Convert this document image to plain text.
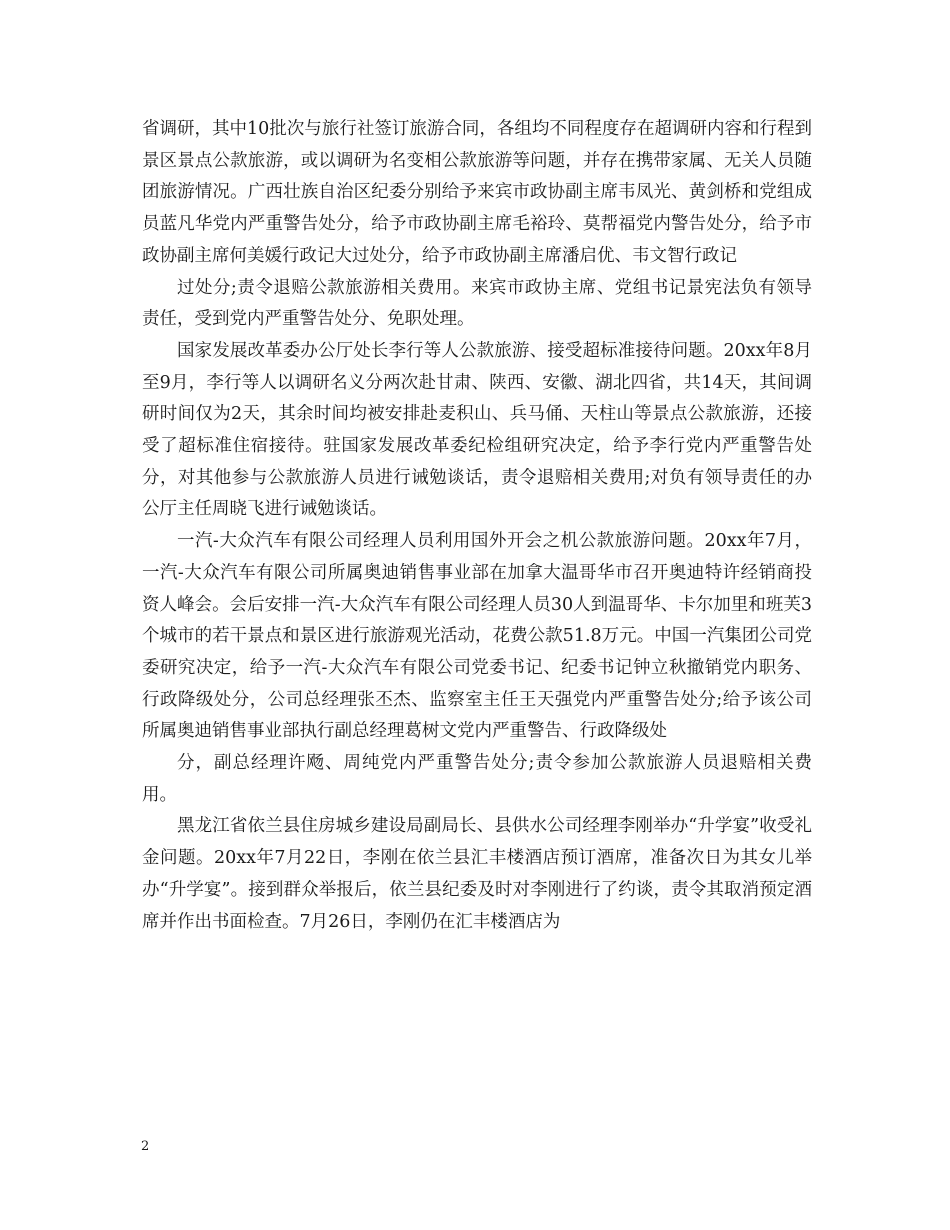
省调研，其中10批次与旅行社签订旅游合同，各组均不同程度存在超调研内容和行程到景区景点公款旅游，或以调研为名变相公款旅游等问题，并存在携带家属、无关人员随团旅游情况。广西壮族自治区纪委分别给予来宾市政协副主席韦凤光、黄剑桥和党组成员蓝凡华党内严重警告处分，给予市政协副主席毛裕玲、莫帮福党内警告处分，给予市政协副主席何美媛行政记大过处分，给予市政协副主席潘启优、韦文智行政记

过处分;责令退赔公款旅游相关费用。来宾市政协主席、党组书记景宪法负有领导责任，受到党内严重警告处分、免职处理。

国家发展改革委办公厅处长李行等人公款旅游、接受超标准接待问题。20xx年8月至9月，李行等人以调研名义分两次赴甘肃、陕西、安徽、湖北四省，共14天，其间调研时间仅为2天，其余时间均被安排赴麦积山、兵马俑、天柱山等景点公款旅游，还接受了超标准住宿接待。驻国家发展改革委纪检组研究决定，给予李行党内严重警告处分，对其他参与公款旅游人员进行诫勉谈话，责令退赔相关费用;对负有领导责任的办公厅主任周晓飞进行诫勉谈话。

一汽-大众汽车有限公司经理人员利用国外开会之机公款旅游问题。20xx年7月，一汽-大众汽车有限公司所属奥迪销售事业部在加拿大温哥华市召开奥迪特许经销商投资人峰会。会后安排一汽-大众汽车有限公司经理人员30人到温哥华、卡尔加里和班芙3个城市的若干景点和景区进行旅游观光活动，花费公款51.8万元。中国一汽集团公司党委研究决定，给予一汽-大众汽车有限公司党委书记、纪委书记钟立秋撤销党内职务、行政降级处分，公司总经理张丕杰、监察室主任王天强党内严重警告处分;给予该公司所属奥迪销售事业部执行副总经理葛树文党内严重警告、行政降级处

分，副总经理许飏、周纯党内严重警告处分;责令参加公款旅游人员退赔相关费用。

黑龙江省依兰县住房城乡建设局副局长、县供水公司经理李刚举办“升学宴”收受礼金问题。20xx年7月22日，李刚在依兰县汇丰楼酒店预订酒席，准备次日为其女儿举办“升学宴”。接到群众举报后，依兰县纪委及时对李刚进行了约谈，责令其取消预定酒席并作出书面检查。7月26日，李刚仍在汇丰楼酒店为

2
